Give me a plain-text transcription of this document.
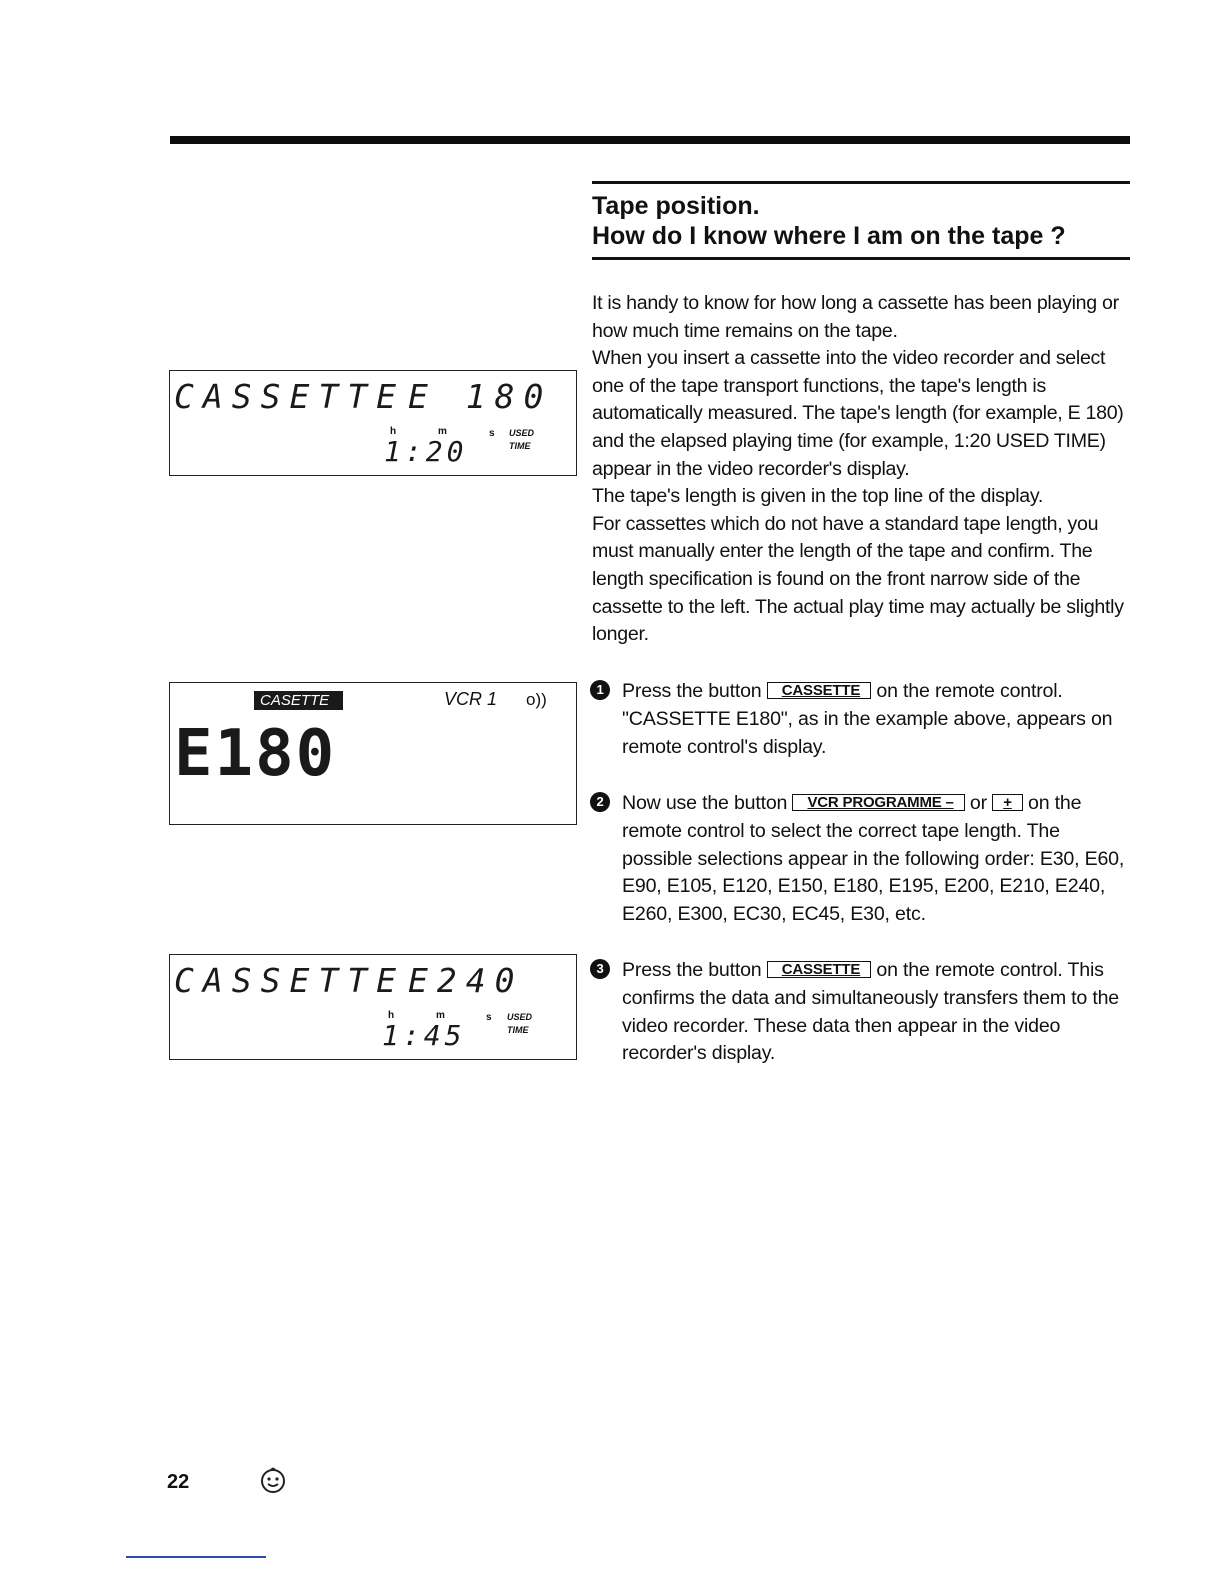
Tape position.
How do I know where I am on the tape ?

It is handy to know for how long a cassette has been playing or how much time remains on the tape.

When you insert a cassette into the video recorder and select one of the tape transport functions, the tape's length is automatically measured. The tape's length (for example, E 180) and the elapsed playing time (for example, 1:20 USED TIME) appear in the video recorder's display.

The tape's length is given in the top line of the display.

For cassettes which do not have a standard tape length, you must manually enter the length of the tape and confirm. The length specification is found on the front narrow side of the cassette to the left. The actual play time may actually be slightly longer.

1 Press the button CASSETTE on the remote control. "CASSETTE E180", as in the example above, appears on remote control's display.
2 Now use the button VCR PROGRAMME – or + on the remote control to select the correct tape length. The possible selections appear in the following order: E30, E60, E90, E105, E120, E150, E180, E195, E200, E210, E240, E260, E300, EC30, EC45, E30, etc.
3 Press the button CASSETTE on the remote control. This confirms the data and simultaneously transfers them to the video recorder. These data then appear in the video recorder's display.
CASSETTE E 180
h	m	s USED
TIME
1:20
CASETTE	VCR 1 o))
E180
CASSETTE E240
h	m	s USED
TIME
1:45
22
